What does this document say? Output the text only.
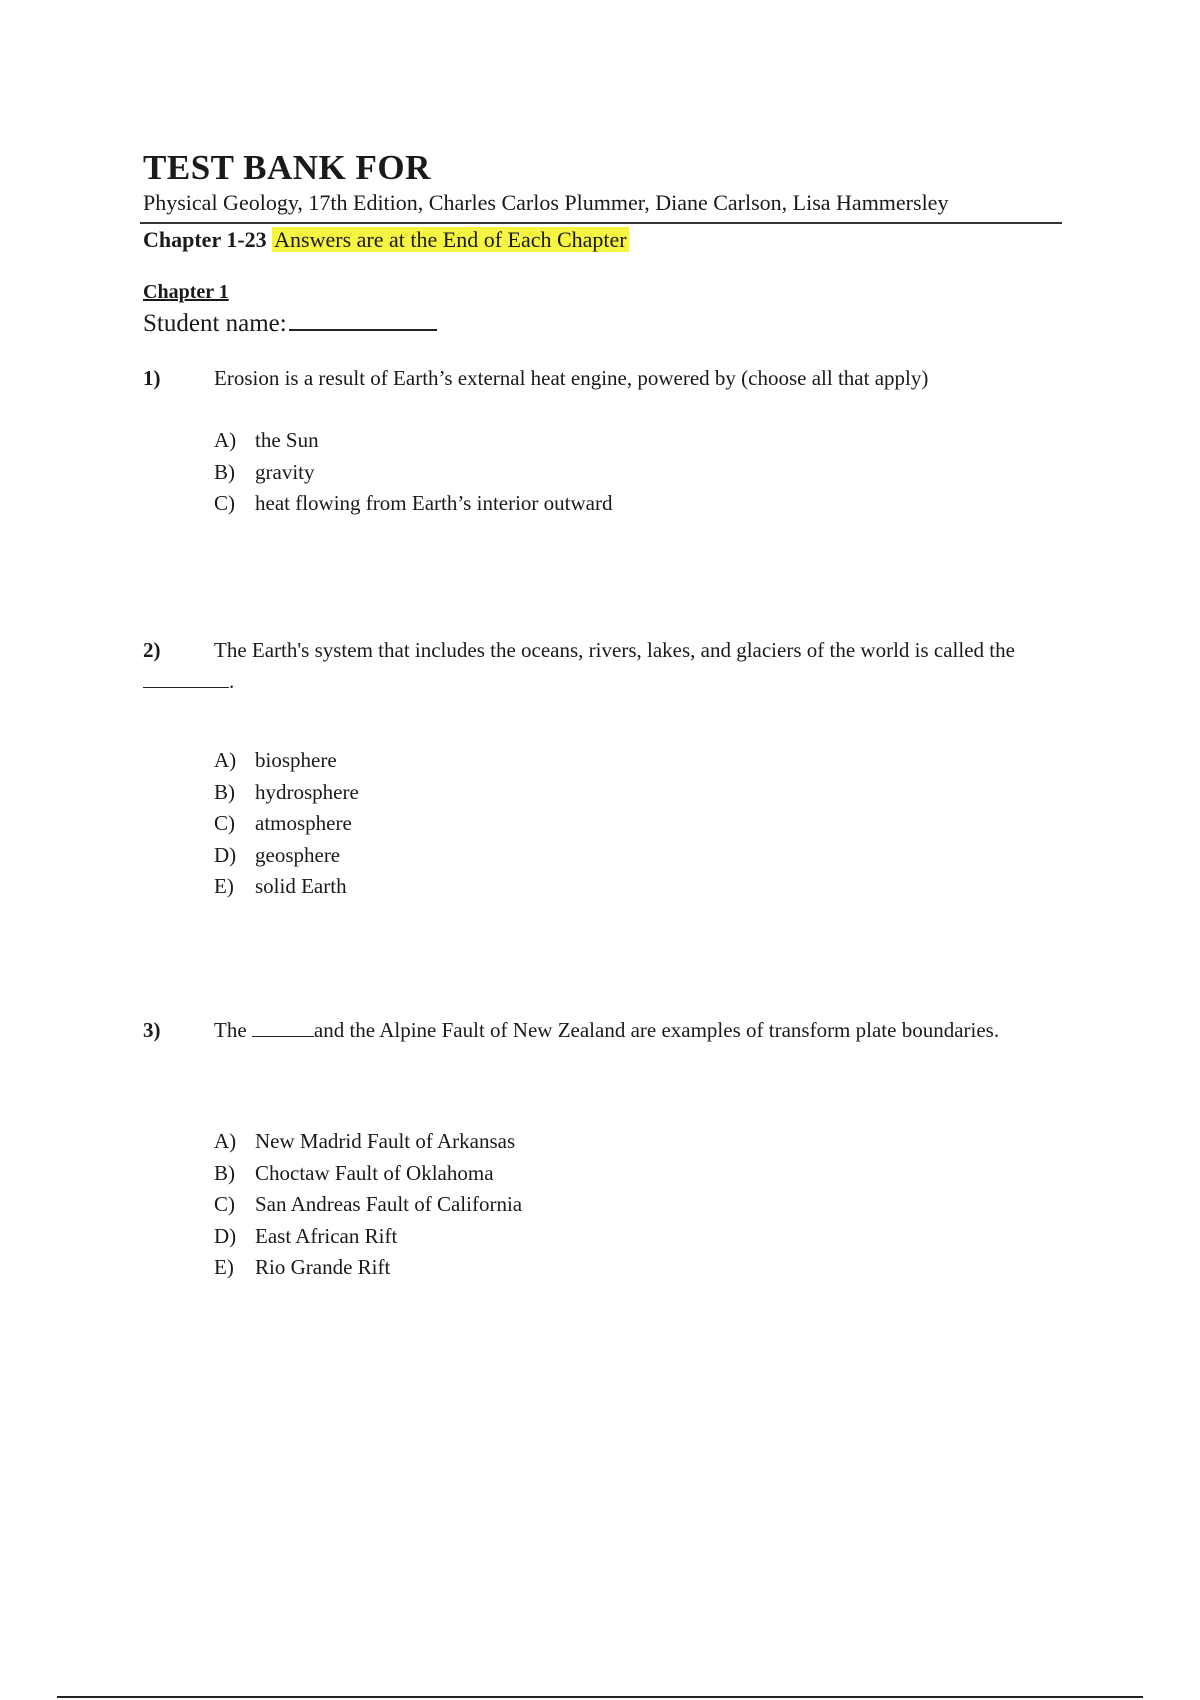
TEST BANK FOR
Physical Geology, 17th Edition, Charles Carlos Plummer, Diane Carlson, Lisa Hammersley
Chapter 1-23 Answers are at the End of Each Chapter
Chapter 1
Student name:
1)	Erosion is a result of Earth’s external heat engine, powered by (choose all that apply)
A) the Sun
B) gravity
C) heat flowing from Earth’s interior outward
2)	The Earth's system that includes the oceans, rivers, lakes, and glaciers of the world is called the .
A) biosphere
B) hydrosphere
C) atmosphere
D) geosphere
E) solid Earth
3)	The	and the Alpine Fault of New Zealand are examples of transform plate boundaries.
A) New Madrid Fault of Arkansas
B) Choctaw Fault of Oklahoma
C) San Andreas Fault of California
D) East African Rift
E) Rio Grande Rift
